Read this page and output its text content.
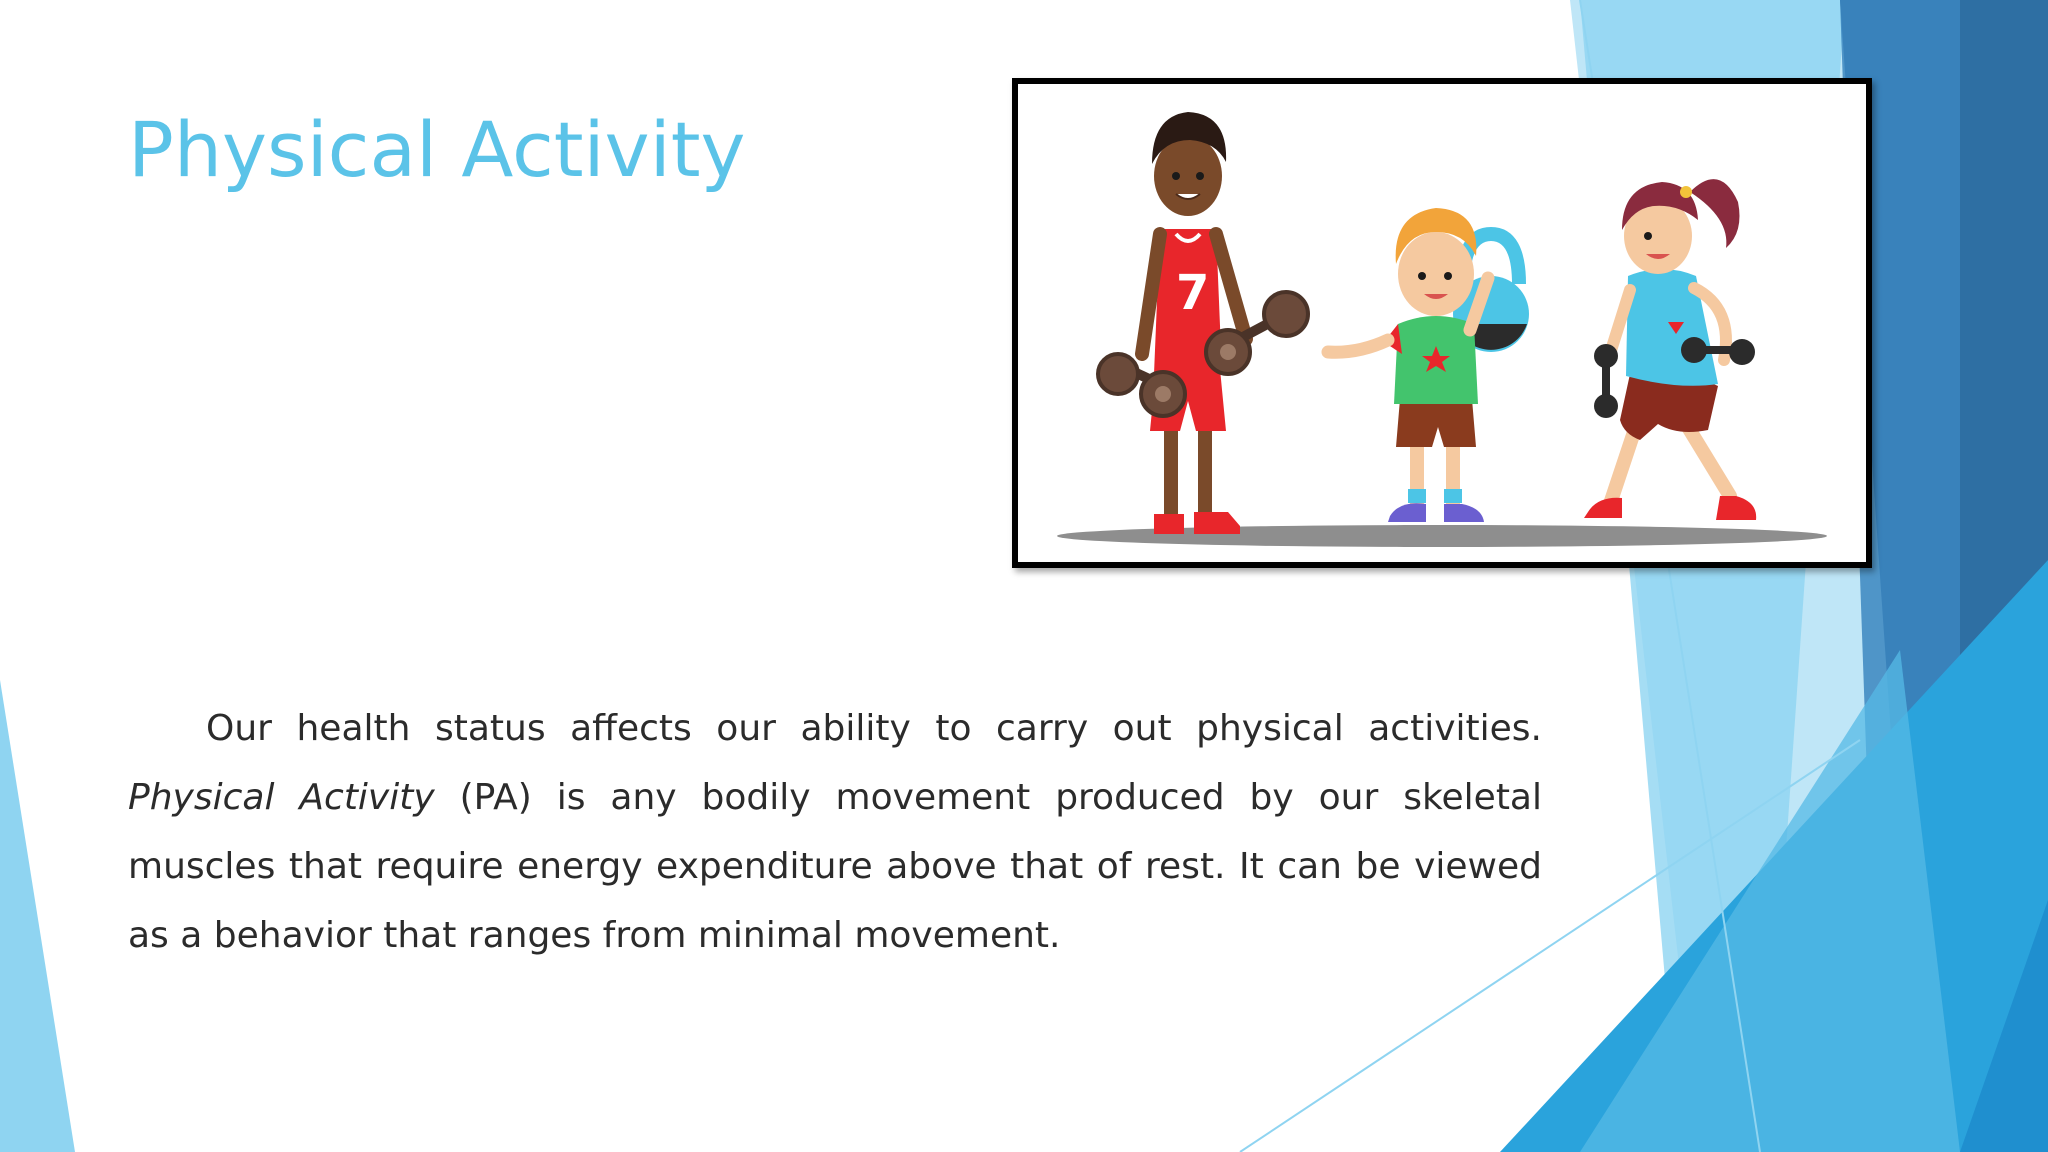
Physical Activity
7

Our health status affects our ability to carry out physical activities. Physical Activity (PA) is any bodily movement produced by our skeletal muscles that require energy expenditure above that of rest. It can be viewed as a behavior that ranges from minimal movement.
